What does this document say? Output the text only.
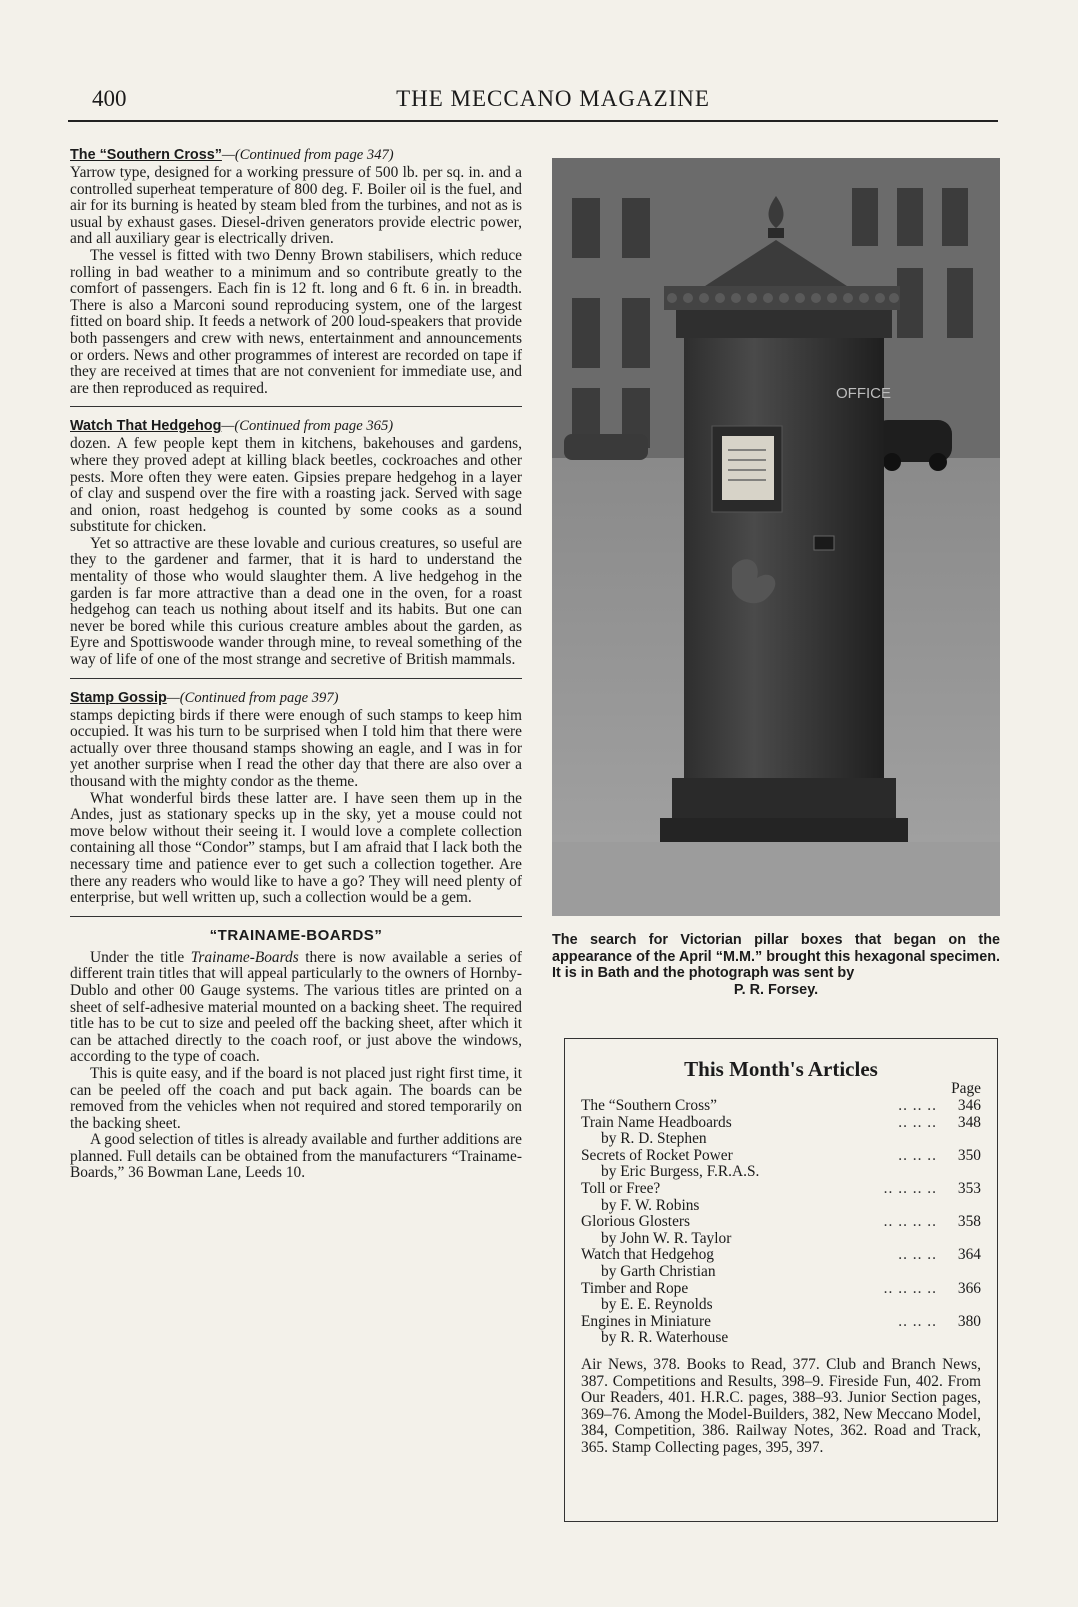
400	THE MECCANO MAGAZINE
The “Southern Cross”—(Continued from page 347)

Yarrow type, designed for a working pressure of 500 lb. per sq. in. and a controlled superheat temperature of 800 deg. F. Boiler oil is the fuel, and air for its burning is heated by steam bled from the turbines, and not as is usual by exhaust gases. Diesel-driven generators provide electric power, and all auxiliary gear is electrically driven.

The vessel is fitted with two Denny Brown stabilisers, which reduce rolling in bad weather to a minimum and so contribute greatly to the comfort of passengers. Each fin is 12 ft. long and 6 ft. 6 in. in breadth. There is also a Marconi sound reproducing system, one of the largest fitted on board ship. It feeds a network of 200 loud-speakers that provide both passengers and crew with news, entertainment and announcements or orders. News and other programmes of interest are recorded on tape if they are received at times that are not convenient for immediate use, and are then reproduced as required.

Watch That Hedgehog—(Continued from page 365)

dozen. A few people kept them in kitchens, bakehouses and gardens, where they proved adept at killing black beetles, cockroaches and other pests. More often they were eaten. Gipsies prepare hedgehog in a layer of clay and suspend over the fire with a roasting jack. Served with sage and onion, roast hedgehog is counted by some cooks as a sound substitute for chicken.

Yet so attractive are these lovable and curious creatures, so useful are they to the gardener and farmer, that it is hard to understand the mentality of those who would slaughter them. A live hedgehog in the garden is far more attractive than a dead one in the oven, for a roast hedgehog can teach us nothing about itself and its habits. But one can never be bored while this curious creature ambles about the garden, as Eyre and Spottiswoode wander through mine, to reveal something of the way of life of one of the most strange and secretive of British mammals.

Stamp Gossip—(Continued from page 397)

stamps depicting birds if there were enough of such stamps to keep him occupied. It was his turn to be surprised when I told him that there were actually over three thousand stamps showing an eagle, and I was in for yet another surprise when I read the other day that there are also over a thousand with the mighty condor as the theme.

What wonderful birds these latter are. I have seen them up in the Andes, just as stationary specks up in the sky, yet a mouse could not move below without their seeing it. I would love a complete collection containing all those “Condor” stamps, but I am afraid that I lack both the necessary time and patience ever to get such a collection together. Are there any readers who would like to have a go? They will need plenty of enterprise, but well written up, such a collection would be a gem.

“TRAINAME-BOARDS”

Under the title Trainame-Boards there is now available a series of different train titles that will appeal particularly to the owners of Hornby-Dublo and other 00 Gauge systems. The various titles are printed on a sheet of self-adhesive material mounted on a backing sheet. The required title has to be cut to size and peeled off the backing sheet, after which it can be attached directly to the coach roof, or just above the windows, according to the type of coach.

This is quite easy, and if the board is not placed just right first time, it can be peeled off the coach and put back again. The boards can be removed from the vehicles when not required and stored temporarily on the backing sheet.

A good selection of titles is already available and further additions are planned. Full details can be obtained from the manufacturers “Trainame-Boards,” 36 Bowman Lane, Leeds 10.

OFFICE
The search for Victorian pillar boxes that began on the appearance of the April “M.M.” brought this hexagonal specimen. It is in Bath and the photograph was sent by
P. R. Forsey.
This Month's Articles
Page
The “Southern Cross”	.. .. ..	346
Train Name Headboards	.. .. ..	348
by R. D. Stephen
Secrets of Rocket Power	.. .. ..	350
by Eric Burgess, F.R.A.S.
Toll or Free?	.. .. .. ..	353
by F. W. Robins
Glorious Glosters	.. .. .. ..	358
by John W. R. Taylor
Watch that Hedgehog	.. .. ..	364
by Garth Christian
Timber and Rope	.. .. .. ..	366
by E. E. Reynolds
Engines in Miniature	.. .. ..	380
by R. R. Waterhouse
Air News, 378. Books to Read, 377. Club and Branch News, 387. Competitions and Results, 398–9. Fireside Fun, 402. From Our Readers, 401. H.R.C. pages, 388–93. Junior Section pages, 369–76. Among the Model-Builders, 382, New Meccano Model, 384, Competition, 386. Railway Notes, 362. Road and Track, 365. Stamp Collecting pages, 395, 397.
